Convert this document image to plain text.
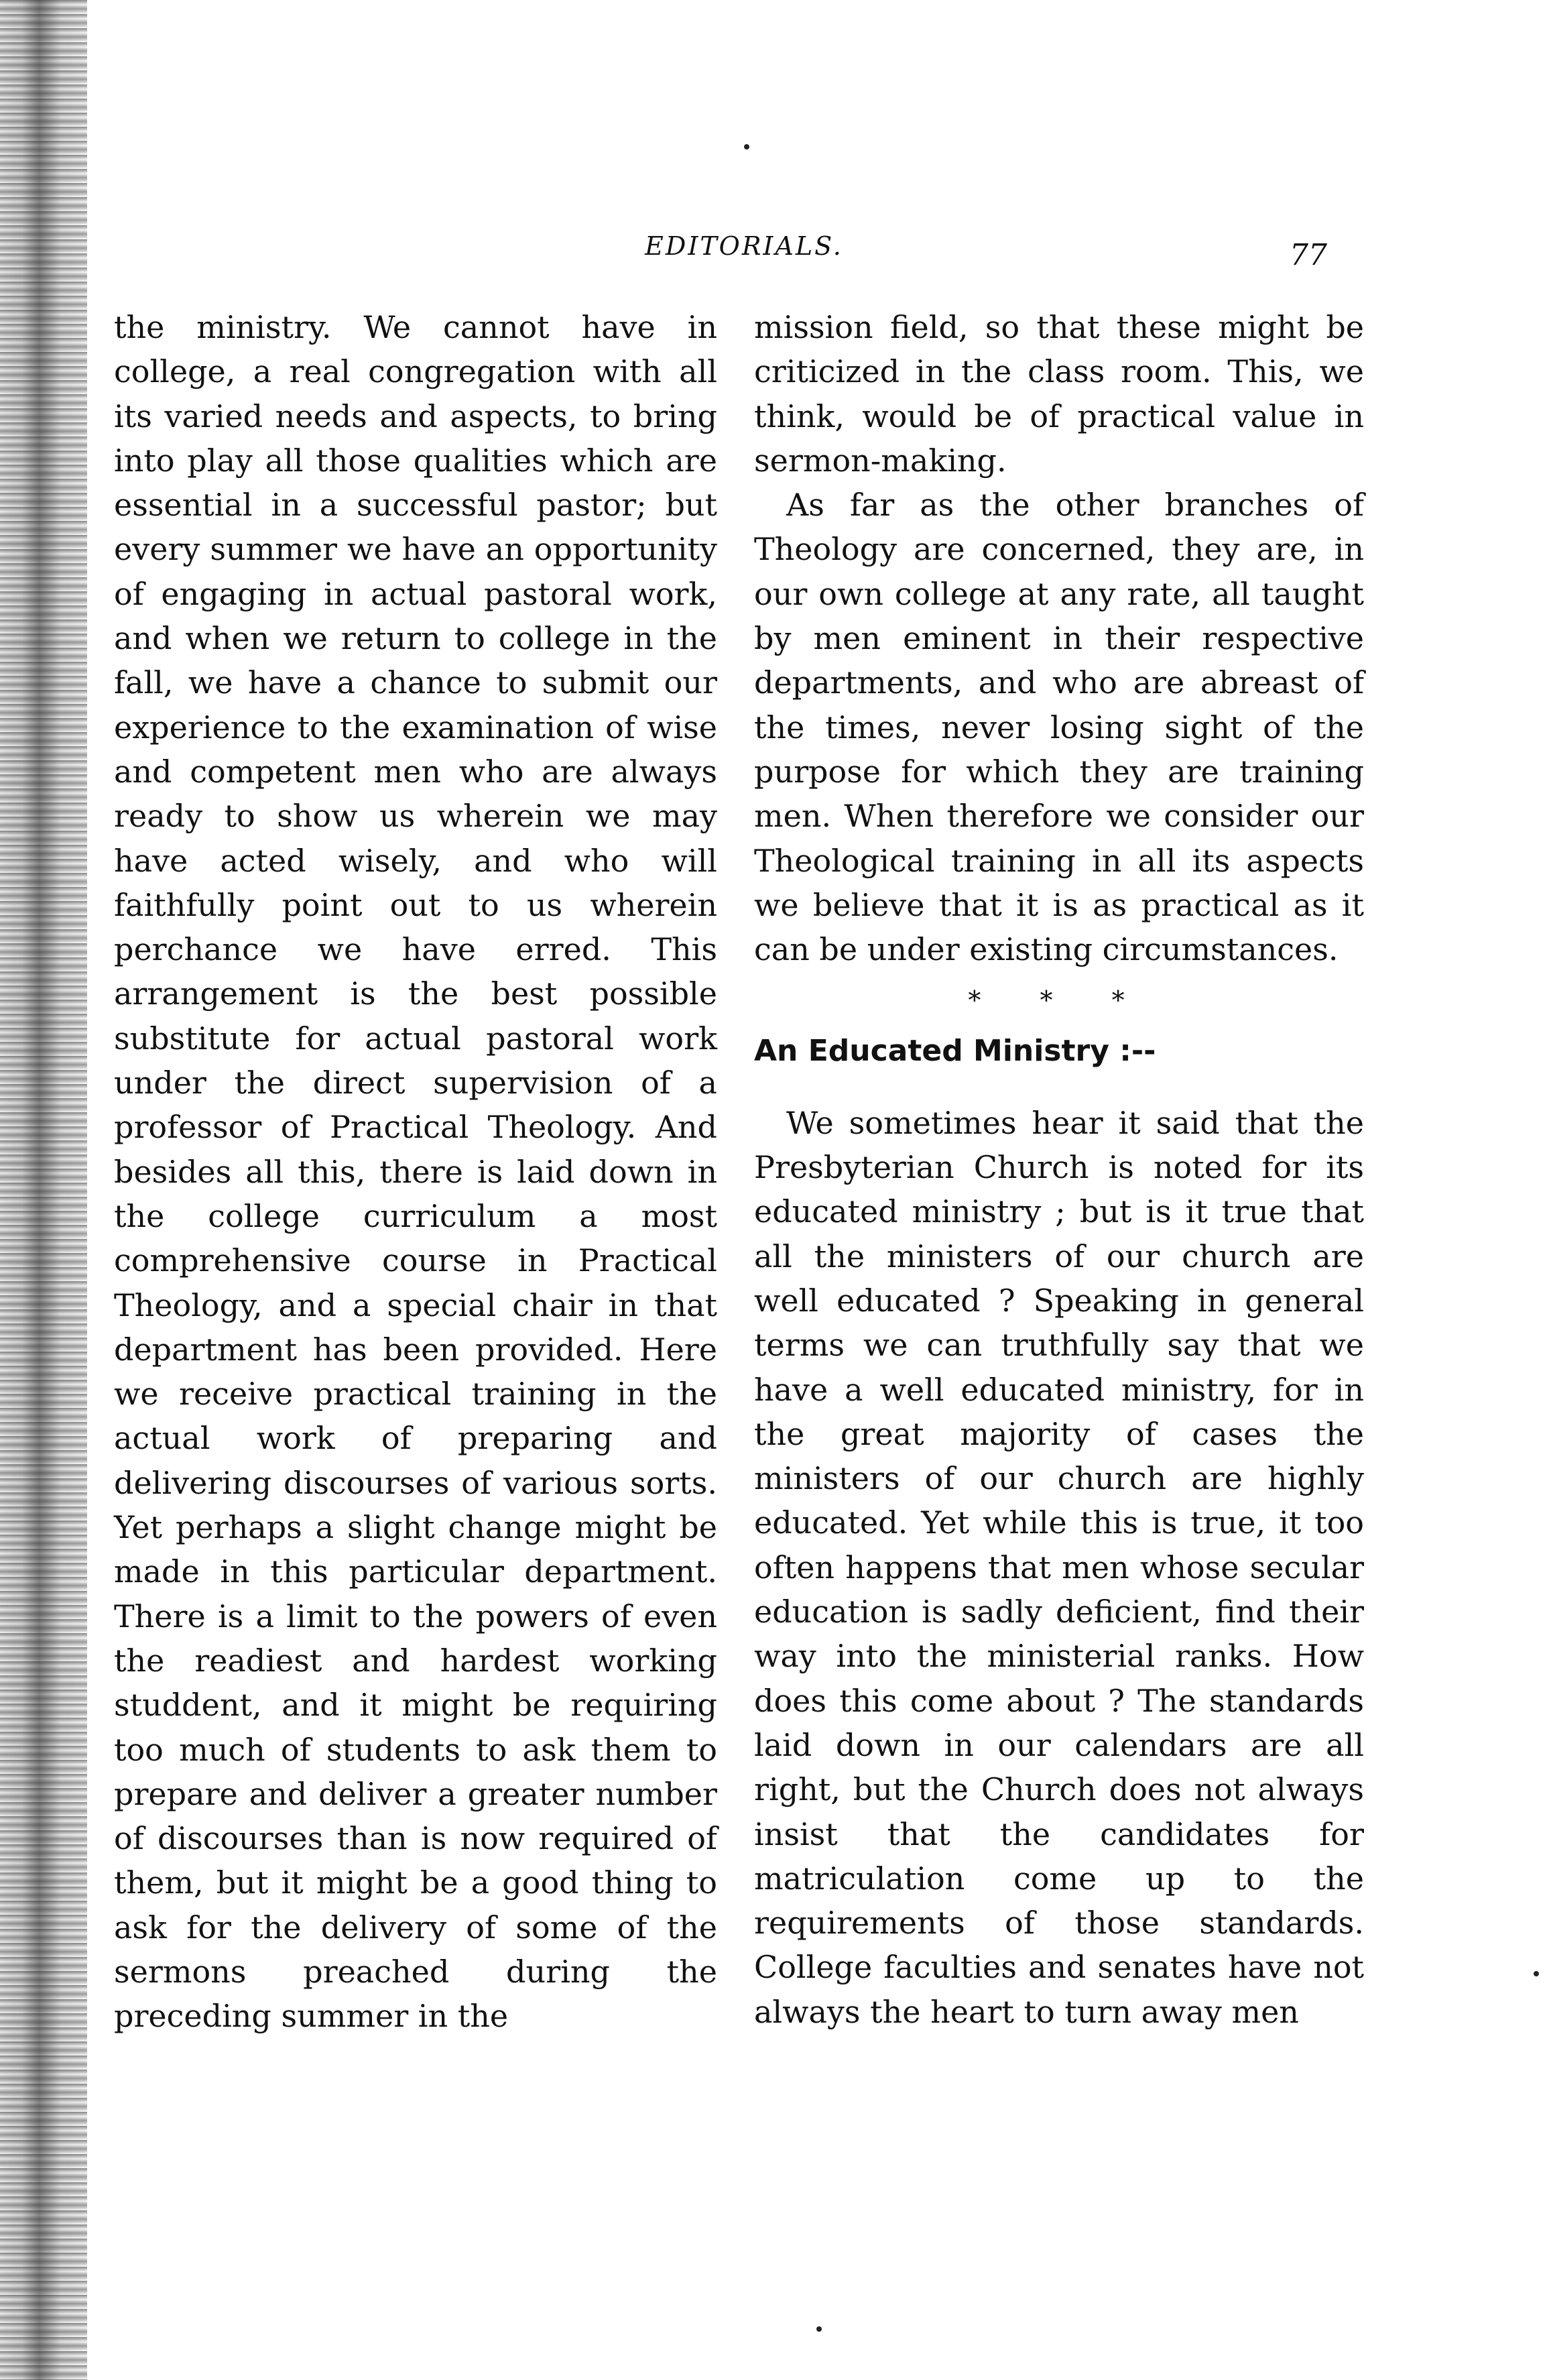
EDITORIALS.	77

the ministry. We cannot have in college, a real congregation with all its varied needs and aspects, to bring into play all those qualities which are essential in a successful pastor; but every summer we have an opportunity of engaging in actual pastoral work, and when we return to college in the fall, we have a chance to submit our experience to the examination of wise and competent men who are always ready to show us wherein we may have acted wisely, and who will faithfully point out to us wherein perchance we have erred. This arrangement is the best possible substitute for actual pastoral work under the direct supervision of a professor of Practical Theology. And besides all this, there is laid down in the college curriculum a most comprehensive course in Practical Theology, and a special chair in that department has been provided. Here we receive practical training in the actual work of preparing and delivering discourses of various sorts. Yet perhaps a slight change might be made in this particular department. There is a limit to the powers of even the readiest and hardest working studdent, and it might be requiring too much of students to ask them to prepare and deliver a greater number of discourses than is now required of them, but it might be a good thing to ask for the delivery of some of the sermons preached during the preceding summer in the

mission field, so that these might be criticized in the class room. This, we think, would be of practical value in sermon-making.

As far as the other branches of Theology are concerned, they are, in our own college at any rate, all taught by men eminent in their respective departments, and who are abreast of the times, never losing sight of the purpose for which they are training men. When therefore we consider our Theological training in all its aspects we believe that it is as practical as it can be under existing circumstances.

* * *

An Educated Ministry :--

We sometimes hear it said that the Presbyterian Church is noted for its educated ministry ; but is it true that all the ministers of our church are well educated ? Speaking in general terms we can truthfully say that we have a well educated ministry, for in the great majority of cases the ministers of our church are highly educated. Yet while this is true, it too often happens that men whose secular education is sadly deficient, find their way into the ministerial ranks. How does this come about ? The standards laid down in our calendars are all right, but the Church does not always insist that the candidates for matriculation come up to the requirements of those standards. College faculties and senates have not always the heart to turn away men
